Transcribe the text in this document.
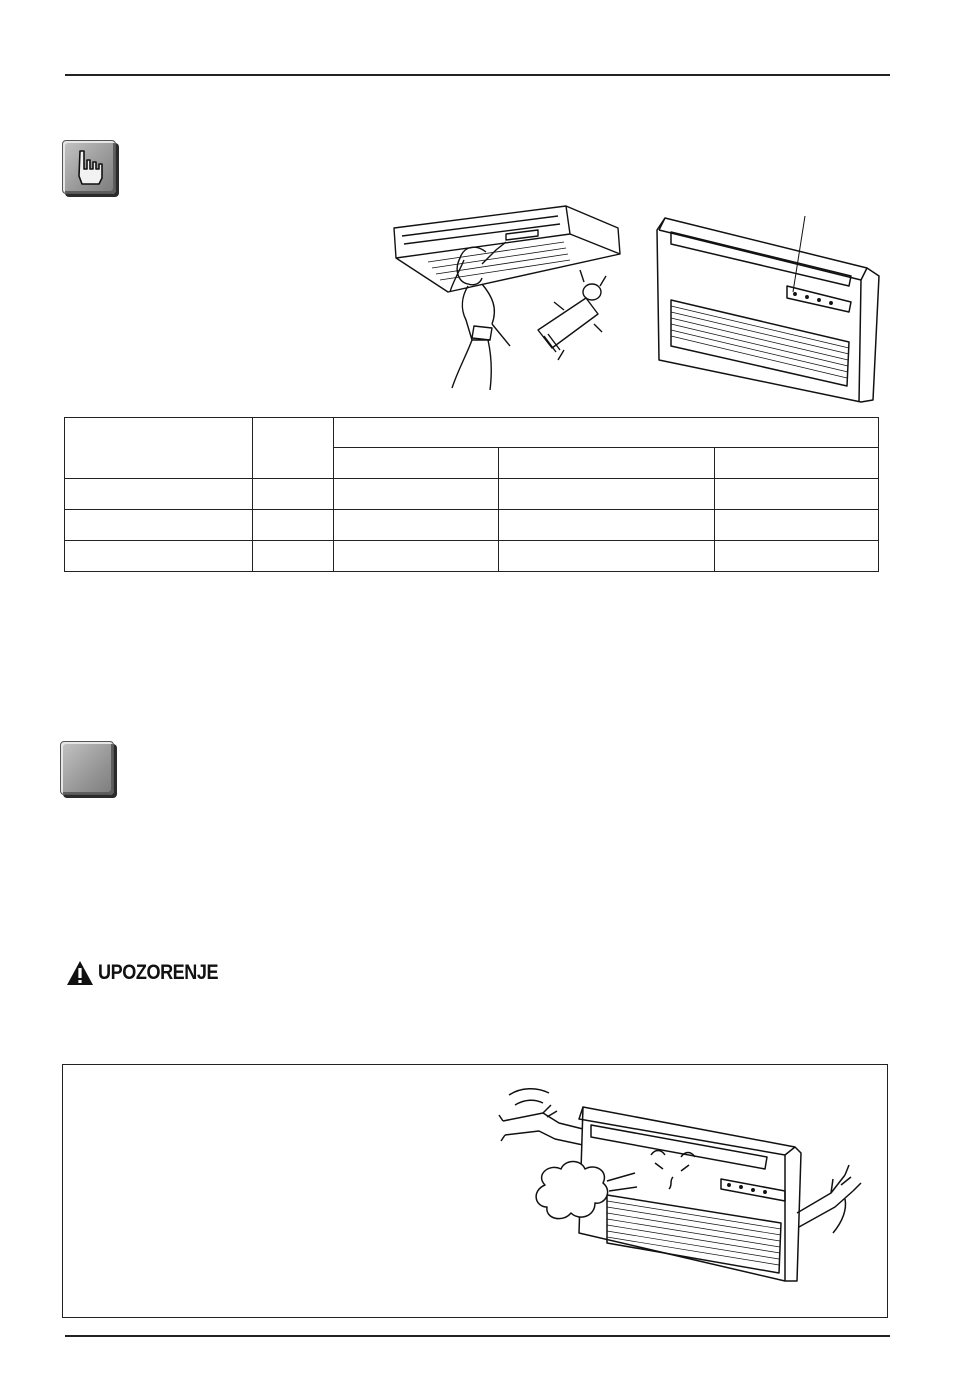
UPOZORENJE
